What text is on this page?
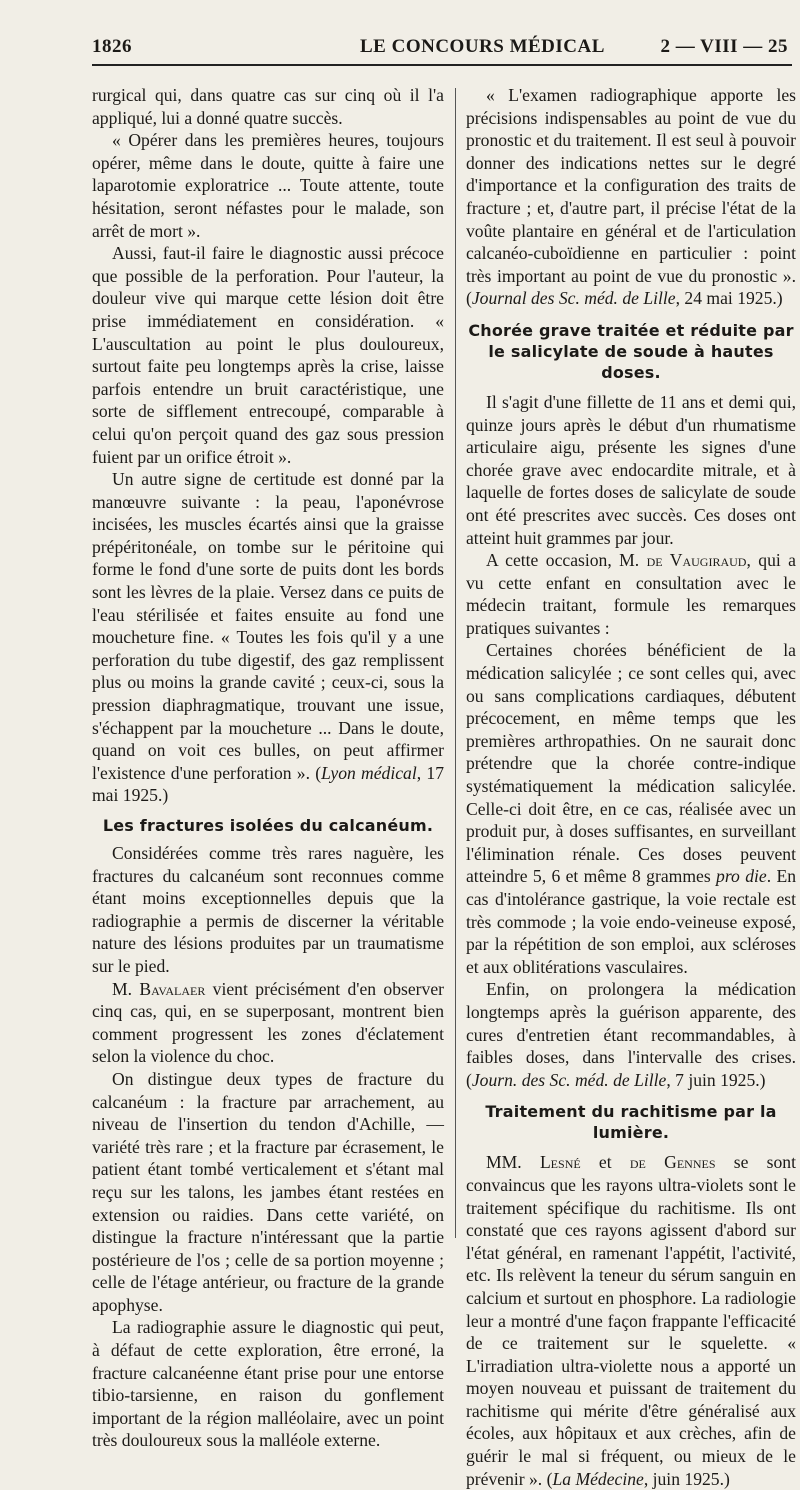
1826	LE CONCOURS MÉDICAL	2 — VIII — 25

rurgical qui, dans quatre cas sur cinq où il l'a appliqué, lui a donné quatre succès.

« Opérer dans les premières heures, toujours opérer, même dans le doute, quitte à faire une laparotomie exploratrice ... Toute attente, toute hésitation, seront néfastes pour le malade, son arrêt de mort ».

Aussi, faut-il faire le diagnostic aussi précoce que possible de la perforation. Pour l'auteur, la douleur vive qui marque cette lésion doit être prise immédiatement en considération. « L'auscultation au point le plus douloureux, surtout faite peu longtemps après la crise, laisse parfois entendre un bruit caractéristique, une sorte de sifflement entrecoupé, comparable à celui qu'on perçoit quand des gaz sous pression fuient par un orifice étroit ».

Un autre signe de certitude est donné par la manœuvre suivante : la peau, l'aponévrose incisées, les muscles écartés ainsi que la graisse prépéritonéale, on tombe sur le péritoine qui forme le fond d'une sorte de puits dont les bords sont les lèvres de la plaie. Versez dans ce puits de l'eau stérilisée et faites ensuite au fond une moucheture fine. « Toutes les fois qu'il y a une perforation du tube digestif, des gaz remplissent plus ou moins la grande cavité ; ceux-ci, sous la pression diaphragmatique, trouvant une issue, s'échappent par la moucheture ... Dans le doute, quand on voit ces bulles, on peut affirmer l'existence d'une perforation ». (Lyon médical, 17 mai 1925.)

Les fractures isolées du calcanéum.

Considérées comme très rares naguère, les fractures du calcanéum sont reconnues comme étant moins exceptionnelles depuis que la radiographie a permis de discerner la véritable nature des lésions produites par un traumatisme sur le pied.

M. Bavalaer vient précisément d'en observer cinq cas, qui, en se superposant, montrent bien comment progressent les zones d'éclatement selon la violence du choc.

On distingue deux types de fracture du calcanéum : la fracture par arrachement, au niveau de l'insertion du tendon d'Achille, — variété très rare ; et la fracture par écrasement, le patient étant tombé verticalement et s'étant mal reçu sur les talons, les jambes étant restées en extension ou raidies. Dans cette variété, on distingue la fracture n'intéressant que la partie postérieure de l'os ; celle de sa portion moyenne ; celle de l'étage antérieur, ou fracture de la grande apophyse.

La radiographie assure le diagnostic qui peut, à défaut de cette exploration, être erroné, la fracture calcanéenne étant prise pour une entorse tibio-tarsienne, en raison du gonflement important de la région malléolaire, avec un point très douloureux sous la malléole externe.

« L'examen radiographique apporte les précisions indispensables au point de vue du pronostic et du traitement. Il est seul à pouvoir donner des indications nettes sur le degré d'importance et la configuration des traits de fracture ; et, d'autre part, il précise l'état de la voûte plantaire en général et de l'articulation calcanéo-cuboïdienne en particulier : point très important au point de vue du pronostic ». (Journal des Sc. méd. de Lille, 24 mai 1925.)

Chorée grave traitée et réduite par le salicylate de soude à hautes doses.

Il s'agit d'une fillette de 11 ans et demi qui, quinze jours après le début d'un rhumatisme articulaire aigu, présente les signes d'une chorée grave avec endocardite mitrale, et à laquelle de fortes doses de salicylate de soude ont été prescrites avec succès. Ces doses ont atteint huit grammes par jour.

A cette occasion, M. de Vaugiraud, qui a vu cette enfant en consultation avec le médecin traitant, formule les remarques pratiques suivantes :

Certaines chorées bénéficient de la médication salicylée ; ce sont celles qui, avec ou sans complications cardiaques, débutent précocement, en même temps que les premières arthropathies. On ne saurait donc prétendre que la chorée contre-indique systématiquement la médication salicylée. Celle-ci doit être, en ce cas, réalisée avec un produit pur, à doses suffisantes, en surveillant l'élimination rénale. Ces doses peuvent atteindre 5, 6 et même 8 grammes pro die. En cas d'intolérance gastrique, la voie rectale est très commode ; la voie endo-veineuse exposé, par la répétition de son emploi, aux scléroses et aux oblitérations vasculaires.

Enfin, on prolongera la médication longtemps après la guérison apparente, des cures d'entretien étant recommandables, à faibles doses, dans l'intervalle des crises. (Journ. des Sc. méd. de Lille, 7 juin 1925.)

Traitement du rachitisme par la lumière.

MM. Lesné et de Gennes se sont convaincus que les rayons ultra-violets sont le traitement spécifique du rachitisme. Ils ont constaté que ces rayons agissent d'abord sur l'état général, en ramenant l'appétit, l'activité, etc. Ils relèvent la teneur du sérum sanguin en calcium et surtout en phosphore. La radiologie leur a montré d'une façon frappante l'efficacité de ce traitement sur le squelette. « L'irradiation ultra-violette nous a apporté un moyen nouveau et puissant de traitement du rachitisme qui mérite d'être généralisé aux écoles, aux hôpitaux et aux crèches, afin de guérir le mal si fréquent, ou mieux de le prévenir ». (La Médecine, juin 1925.)
